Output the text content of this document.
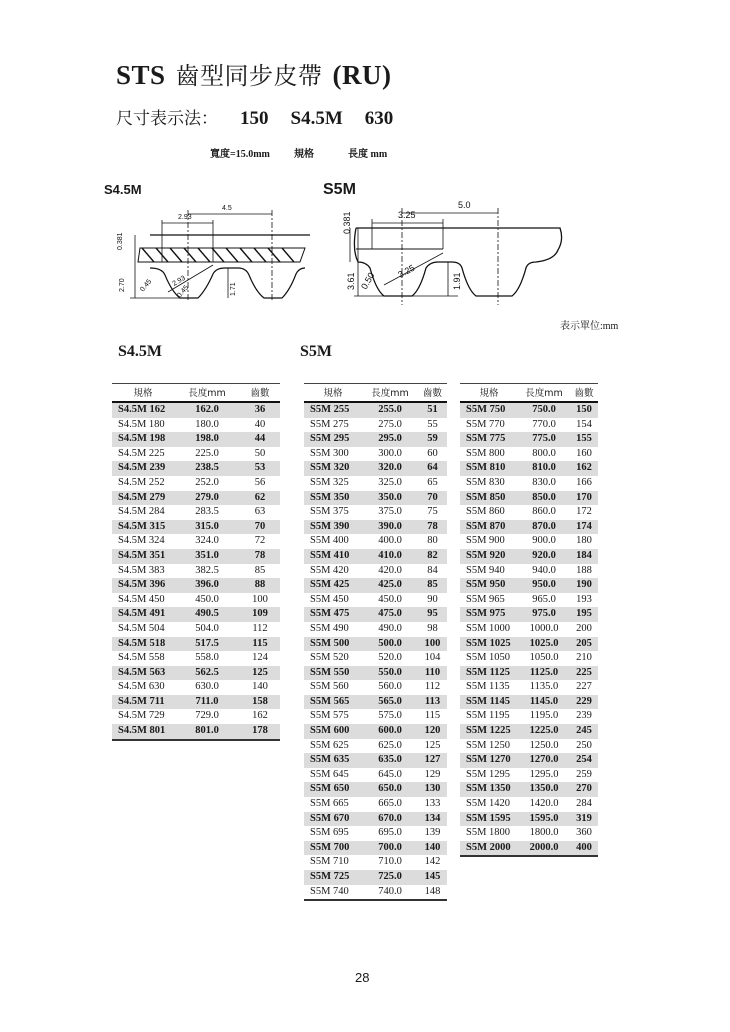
STS 齒型同步皮帶 (RU)
尺寸表示法： 150 S4.5M 630
寬度=15.0mm 規格	長度 mm
S4.5M	S5M
4.5
2.93
0.381
2.70 0.45	2.93
0.45	1.71
5.0
3.25
0.381
3.61 0.50 3.25
1.91
表示單位:mm
S4.5M	S5M
規格	長度mm	齒數
S4.5M 162	162.0	36
S4.5M 180	180.0	40
S4.5M 198	198.0	44
S4.5M 225	225.0	50
S4.5M 239	238.5	53
S4.5M 252	252.0	56
S4.5M 279	279.0	62
S4.5M 284	283.5	63
S4.5M 315	315.0	70
S4.5M 324	324.0	72
S4.5M 351	351.0	78
S4.5M 383	382.5	85
S4.5M 396	396.0	88
S4.5M 450	450.0	100
S4.5M 491	490.5	109
S4.5M 504	504.0	112
S4.5M 518	517.5	115
S4.5M 558	558.0	124
S4.5M 563	562.5	125
S4.5M 630	630.0	140
S4.5M 711	711.0	158
S4.5M 729	729.0	162
S4.5M 801	801.0	178
規格	長度mm	齒數
S5M 255	255.0	51
S5M 275	275.0	55
S5M 295	295.0	59
S5M 300	300.0	60
S5M 320	320.0	64
S5M 325	325.0	65
S5M 350	350.0	70
S5M 375	375.0	75
S5M 390	390.0	78
S5M 400	400.0	80
S5M 410	410.0	82
S5M 420	420.0	84
S5M 425	425.0	85
S5M 450	450.0	90
S5M 475	475.0	95
S5M 490	490.0	98
S5M 500	500.0	100
S5M 520	520.0	104
S5M 550	550.0	110
S5M 560	560.0	112
S5M 565	565.0	113
S5M 575	575.0	115
S5M 600	600.0	120
S5M 625	625.0	125
S5M 635	635.0	127
S5M 645	645.0	129
S5M 650	650.0	130
S5M 665	665.0	133
S5M 670	670.0	134
S5M 695	695.0	139
S5M 700	700.0	140
S5M 710	710.0	142
S5M 725	725.0	145
S5M 740	740.0	148
規格	長度mm	齒數
S5M 750	750.0	150
S5M 770	770.0	154
S5M 775	775.0	155
S5M 800	800.0	160
S5M 810	810.0	162
S5M 830	830.0	166
S5M 850	850.0	170
S5M 860	860.0	172
S5M 870	870.0	174
S5M 900	900.0	180
S5M 920	920.0	184
S5M 940	940.0	188
S5M 950	950.0	190
S5M 965	965.0	193
S5M 975	975.0	195
S5M 1000	1000.0	200
S5M 1025	1025.0	205
S5M 1050	1050.0	210
S5M 1125	1125.0	225
S5M 1135	1135.0	227
S5M 1145	1145.0	229
S5M 1195	1195.0	239
S5M 1225	1225.0	245
S5M 1250	1250.0	250
S5M 1270	1270.0	254
S5M 1295	1295.0	259
S5M 1350	1350.0	270
S5M 1420	1420.0	284
S5M 1595	1595.0	319
S5M 1800	1800.0	360
S5M 2000	2000.0	400
28
